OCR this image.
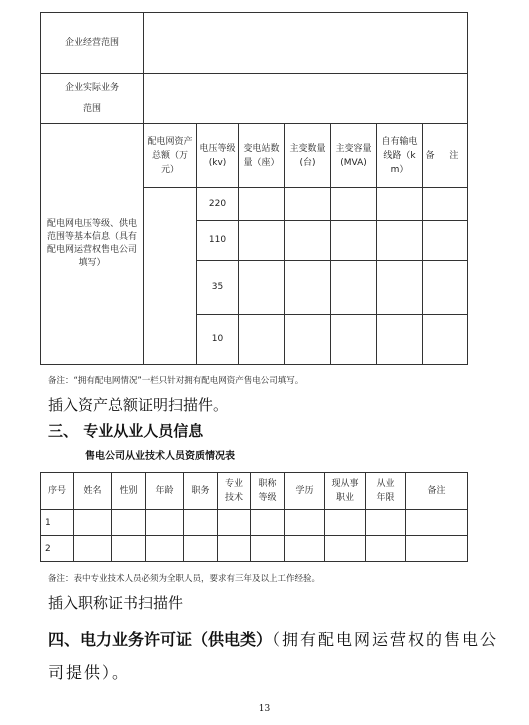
企业经营范围							

企业实际业务
范围							

配电网电压等级、供电范围等基本信息（具有配电网运营权售电公司填写）	配电网资产总额（万元）	电压等级(kv)	变电站数量（座）	主变数量(台)	主变容量(MVA)	自有输电线路（km）	备 注
		220					
		110					
		35					
		10					
备注：“拥有配电网情况”一栏只针对拥有配电网资产售电公司填写。
插入资产总额证明扫描件。
三、 专业从业人员信息
售电公司从业技术人员资质情况表
序号	姓名	性别	年龄	职务	专业技术	职称等级	学历	现从事职业	从业年限	备注
1										
2										
备注：表中专业技术人员必须为全职人员，要求有三年及以上工作经验。
插入职称证书扫描件
四、电力业务许可证（供电类）（拥有配电网运营权的售电公
司提供）。
13
